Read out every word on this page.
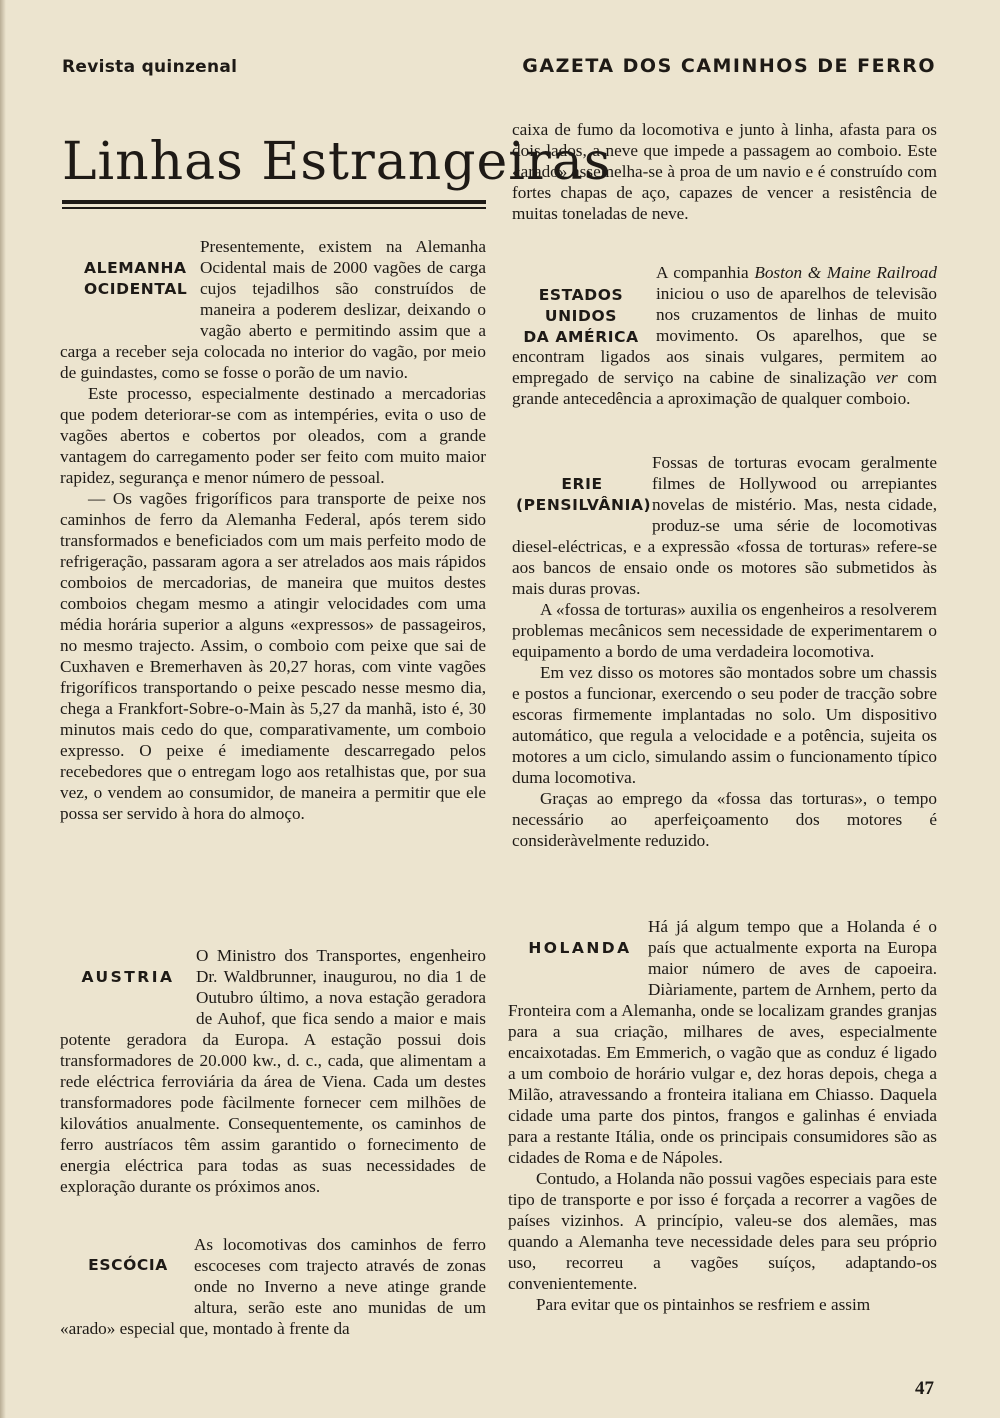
Revista quinzenal	GAZETA DOS CAMINHOS DE FERRO
Linhas Estrangeiras
ALEMANHA
OCIDENTAL

Presentemente, existem na Alemanha Ocidental mais de 2000 vagões de carga cujos tejadilhos são construídos de maneira a poderem deslizar, deixando o vagão aberto e permitindo assim que a carga a receber seja colocada no interior do vagão, por meio de guindastes, como se fosse o porão de um navio.

Este processo, especialmente destinado a mercadorias que podem deteriorar-se com as intempéries, evita o uso de vagões abertos e cobertos por oleados, com a grande vantagem do carregamento poder ser feito com muito maior rapidez, segurança e menor número de pessoal.

— Os vagões frigoríficos para transporte de peixe nos caminhos de ferro da Alemanha Federal, após terem sido transformados e beneficiados com um mais perfeito modo de refrigeração, passaram agora a ser atrelados aos mais rápidos comboios de mercadorias, de maneira que muitos destes comboios chegam mesmo a atingir velocidades com uma média horária superior a alguns «expressos» de passageiros, no mesmo trajecto. Assim, o comboio com peixe que sai de Cuxhaven e Bremerhaven às 20,27 horas, com vinte vagões frigoríficos transportando o peixe pescado nesse mesmo dia, chega a Frankfort-Sobre-o-Main às 5,27 da manhã, isto é, 30 minutos mais cedo do que, comparativamente, um comboio expresso. O peixe é imediamente descarregado pelos recebedores que o entregam logo aos retalhistas que, por sua vez, o vendem ao consumidor, de maneira a permitir que ele possa ser servido à hora do almoço.

AUSTRIA

O Ministro dos Transportes, engenheiro Dr. Waldbrunner, inaugurou, no dia 1 de Outubro último, a nova estação geradora de Auhof, que fica sendo a maior e mais potente geradora da Europa. A estação possui dois transformadores de 20.000 kw., d. c., cada, que alimentam a rede eléctrica ferroviária da área de Viena. Cada um destes transformadores pode fàcilmente fornecer cem milhões de kilovátios anualmente. Consequentemente, os caminhos de ferro austríacos têm assim garantido o fornecimento de energia eléctrica para todas as suas necessidades de exploração durante os próximos anos.

ESCÓCIA

As locomotivas dos caminhos de ferro escoceses com trajecto através de zonas onde no Inverno a neve atinge grande altura, serão este ano munidas de um «arado» especial que, montado à frente da

caixa de fumo da locomotiva e junto à linha, afasta para os dois lados, a neve que impede a passagem ao comboio. Este «arado» assemelha-se à proa de um navio e é construído com fortes chapas de aço, capazes de vencer a resistência de muitas toneladas de neve.

ESTADOS UNIDOS
DA AMÉRICA

A companhia Boston & Maine Railroad iniciou o uso de aparelhos de televisão nos cruzamentos de linhas de muito movimento. Os aparelhos, que se encontram ligados aos sinais vulgares, permitem ao empregado de serviço na cabine de sinalização ver com grande antecedência a aproximação de qualquer comboio.

ERIE
(PENSILVÂNIA)

Fossas de torturas evocam geralmente filmes de Hollywood ou arrepiantes novelas de mistério. Mas, nesta cidade, produz-se uma série de locomotivas diesel-eléctricas, e a expressão «fossa de torturas» refere-se aos bancos de ensaio onde os motores são submetidos às mais duras provas.

A «fossa de torturas» auxilia os engenheiros a resolverem problemas mecânicos sem necessidade de experimentarem o equipamento a bordo de uma verdadeira locomotiva.

Em vez disso os motores são montados sobre um chassis e postos a funcionar, exercendo o seu poder de tracção sobre escoras firmemente implantadas no solo. Um dispositivo automático, que regula a velocidade e a potência, sujeita os motores a um ciclo, simulando assim o funcionamento típico duma locomotiva.

Graças ao emprego da «fossa das torturas», o tempo necessário ao aperfeiçoamento dos motores é consideràvelmente reduzido.

HOLANDA

Há já algum tempo que a Holanda é o país que actualmente exporta na Europa maior número de aves de capoeira. Diàriamente, partem de Arnhem, perto da Fronteira com a Alemanha, onde se localizam grandes granjas para a sua criação, milhares de aves, especialmente encaixotadas. Em Emmerich, o vagão que as conduz é ligado a um comboio de horário vulgar e, dez horas depois, chega a Milão, atravessando a fronteira italiana em Chiasso. Daquela cidade uma parte dos pintos, frangos e galinhas é enviada para a restante Itália, onde os principais consumidores são as cidades de Roma e de Nápoles.

Contudo, a Holanda não possui vagões especiais para este tipo de transporte e por isso é forçada a recorrer a vagões de países vizinhos. A princípio, valeu-se dos alemães, mas quando a Alemanha teve necessidade deles para seu próprio uso, recorreu a vagões suíços, adaptando-os convenientemente.

Para evitar que os pintainhos se resfriem e assim

47
